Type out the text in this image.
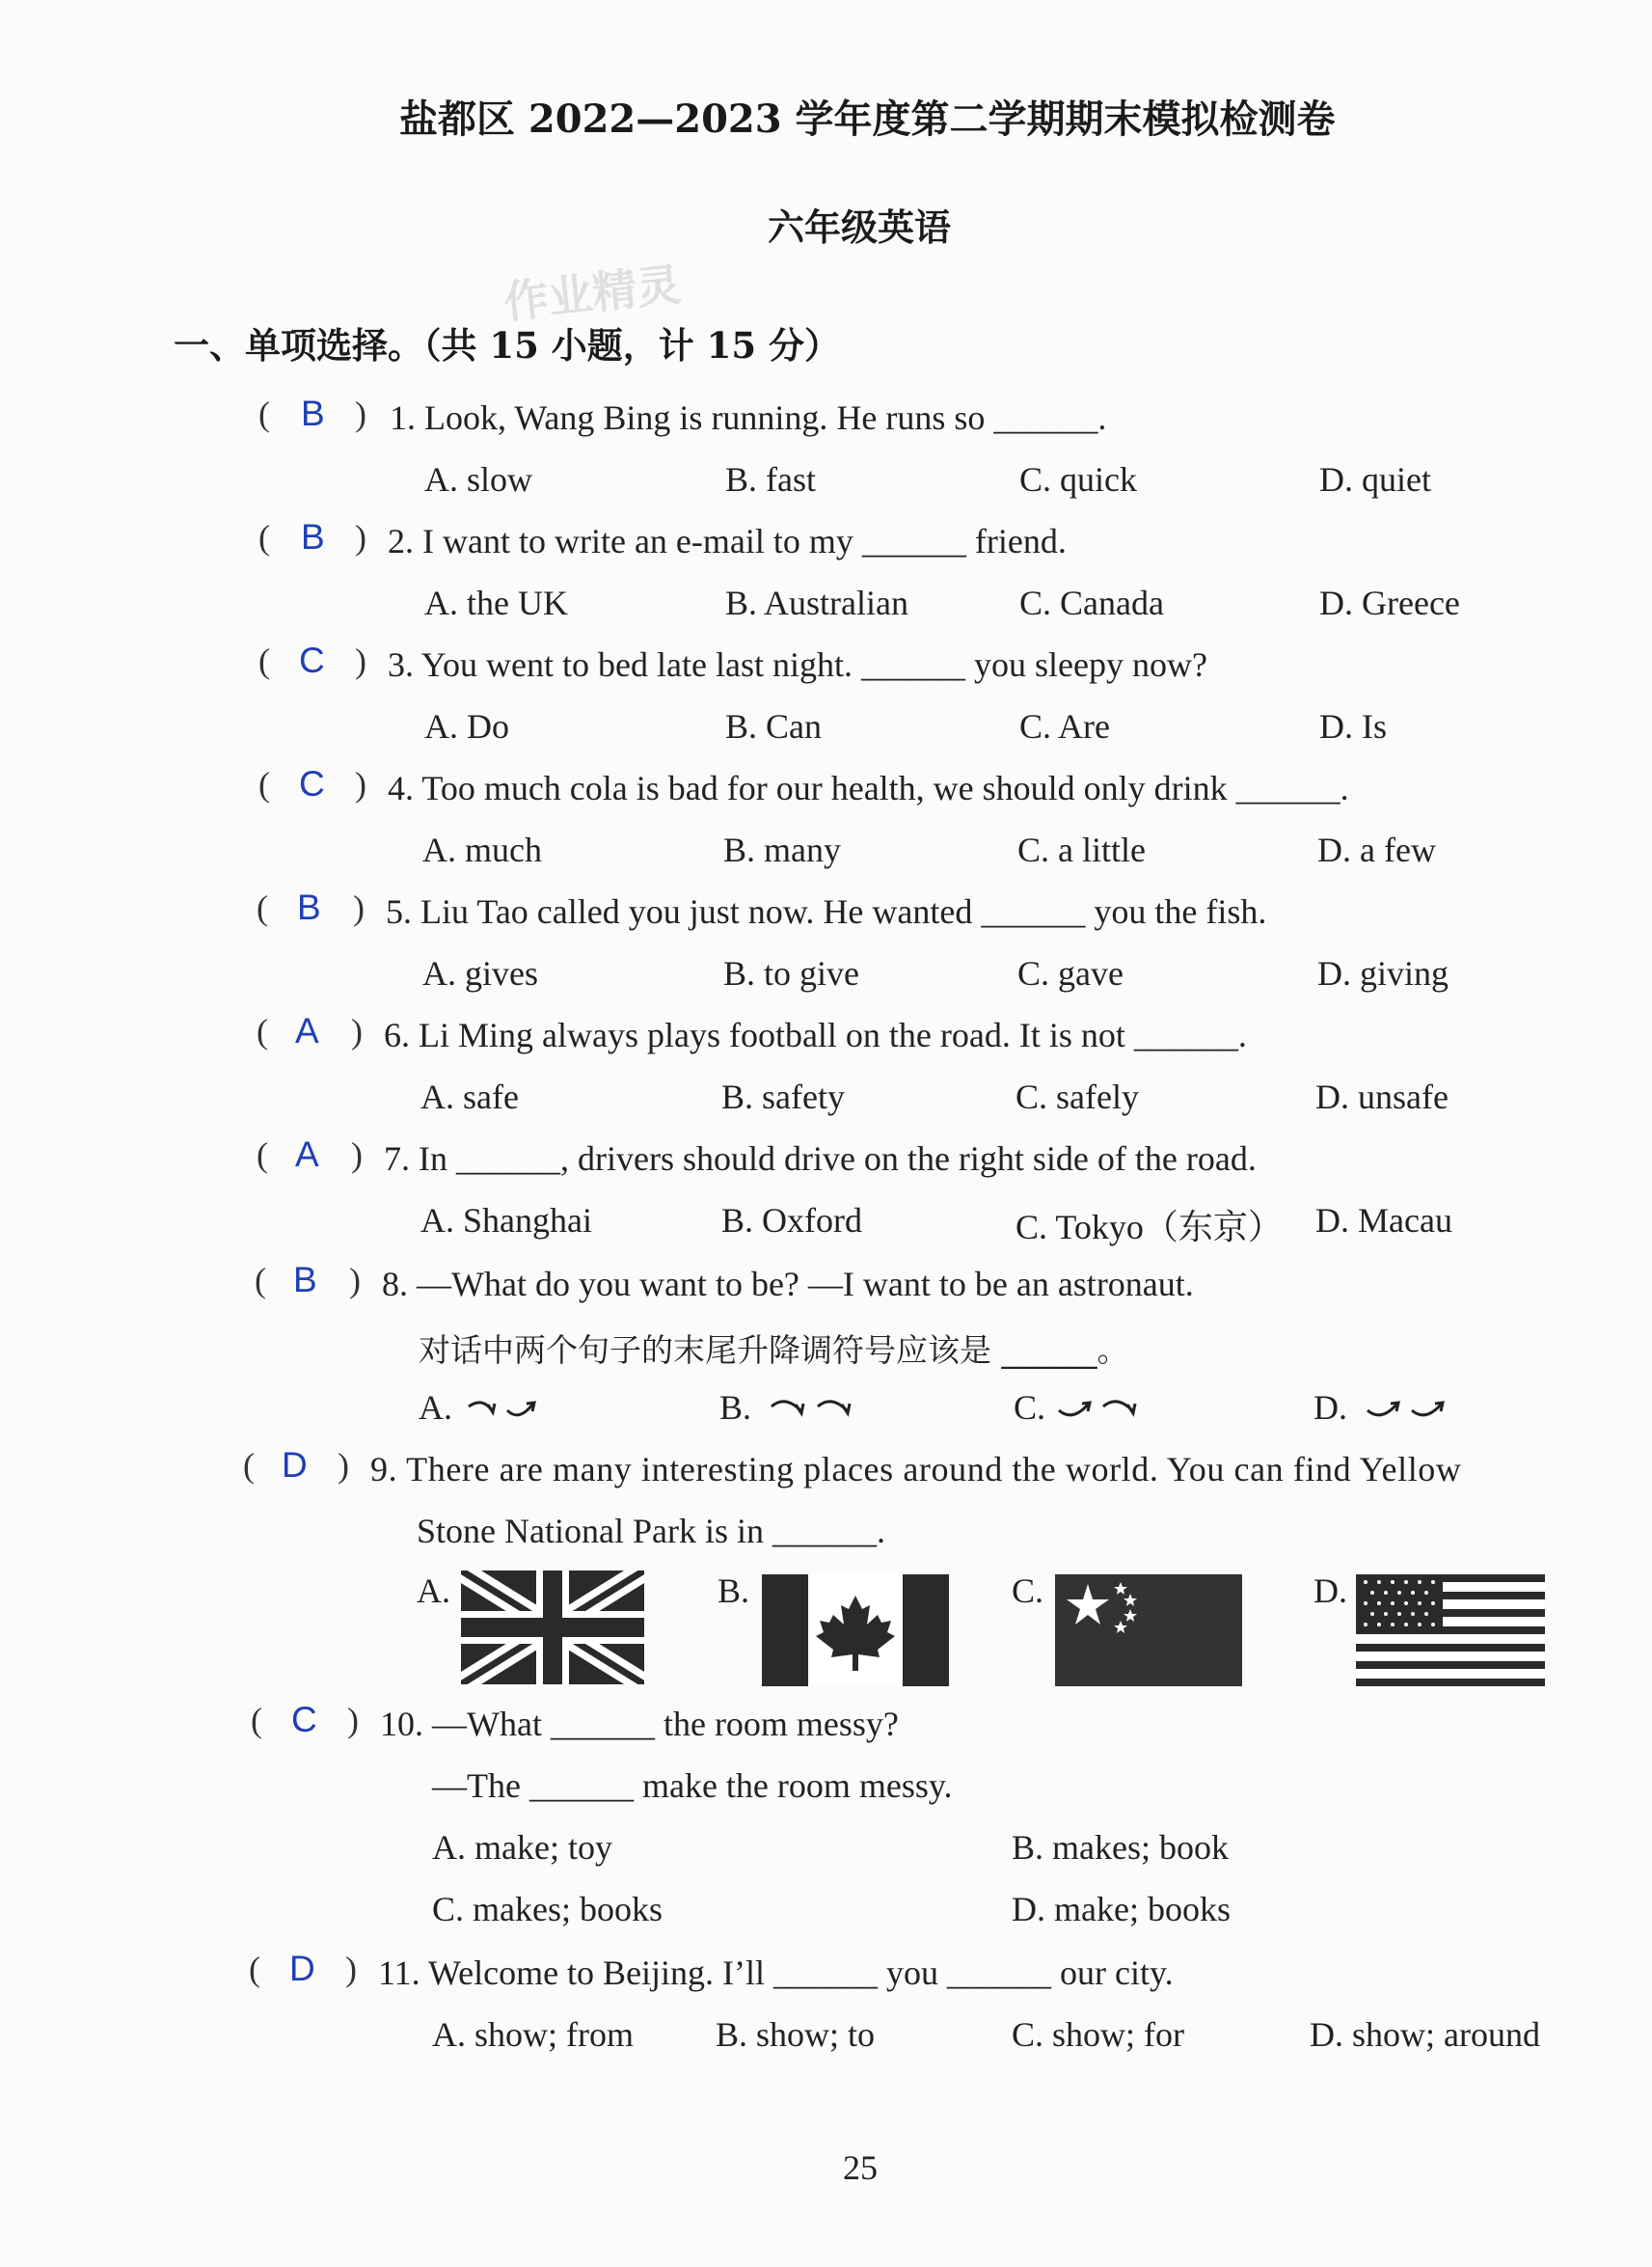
盐都区 2022—2023 学年度第二学期期末模拟检测卷
六年级英语
作业精灵
一、单项选择。（共 15 小题，计 15 分）
( B ) 1. Look, Wang Bing is running. He runs so ______.
A. slow	B. fast	C. quick	D. quiet
( B ) 2. I want to write an e-mail to my ______ friend.
A. the UK	B. Australian	C. Canada	D. Greece
( C ) 3. You went to bed late last night. ______ you sleepy now?
A. Do	B. Can	C. Are	D. Is
( C ) 4. Too much cola is bad for our health, we should only drink ______.
A. much	B. many	C. a little	D. a few
( B ) 5. Liu Tao called you just now. He wanted ______ you the fish.
A. gives	B. to give	C. gave	D. giving
( A ) 6. Li Ming always plays football on the road. It is not ______.
A. safe	B. safety	C. safely	D. unsafe
( A ) 7. In ______, drivers should drive on the right side of the road.
A. Shanghai	B. Oxford	C. Tokyo（东京） D. Macau
( B ) 8. —What do you want to be? —I want to be an astronaut.
对话中两个句子的末尾升降调符号应该是 ______。
A.	B.	C.	D.
( D ) 9. There are many interesting places around the world. You can find Yellow
Stone National Park is in ______.
A.	B.	C.	D.
( C ) 10. —What ______ the room messy?
—The ______ make the room messy.
A. make; toy	B. makes; book
C. makes; books	D. make; books
( D ) 11. Welcome to Beijing. I’ll ______ you ______ our city.
A. show; from B. show; to	C. show; for	D. show; around
25
